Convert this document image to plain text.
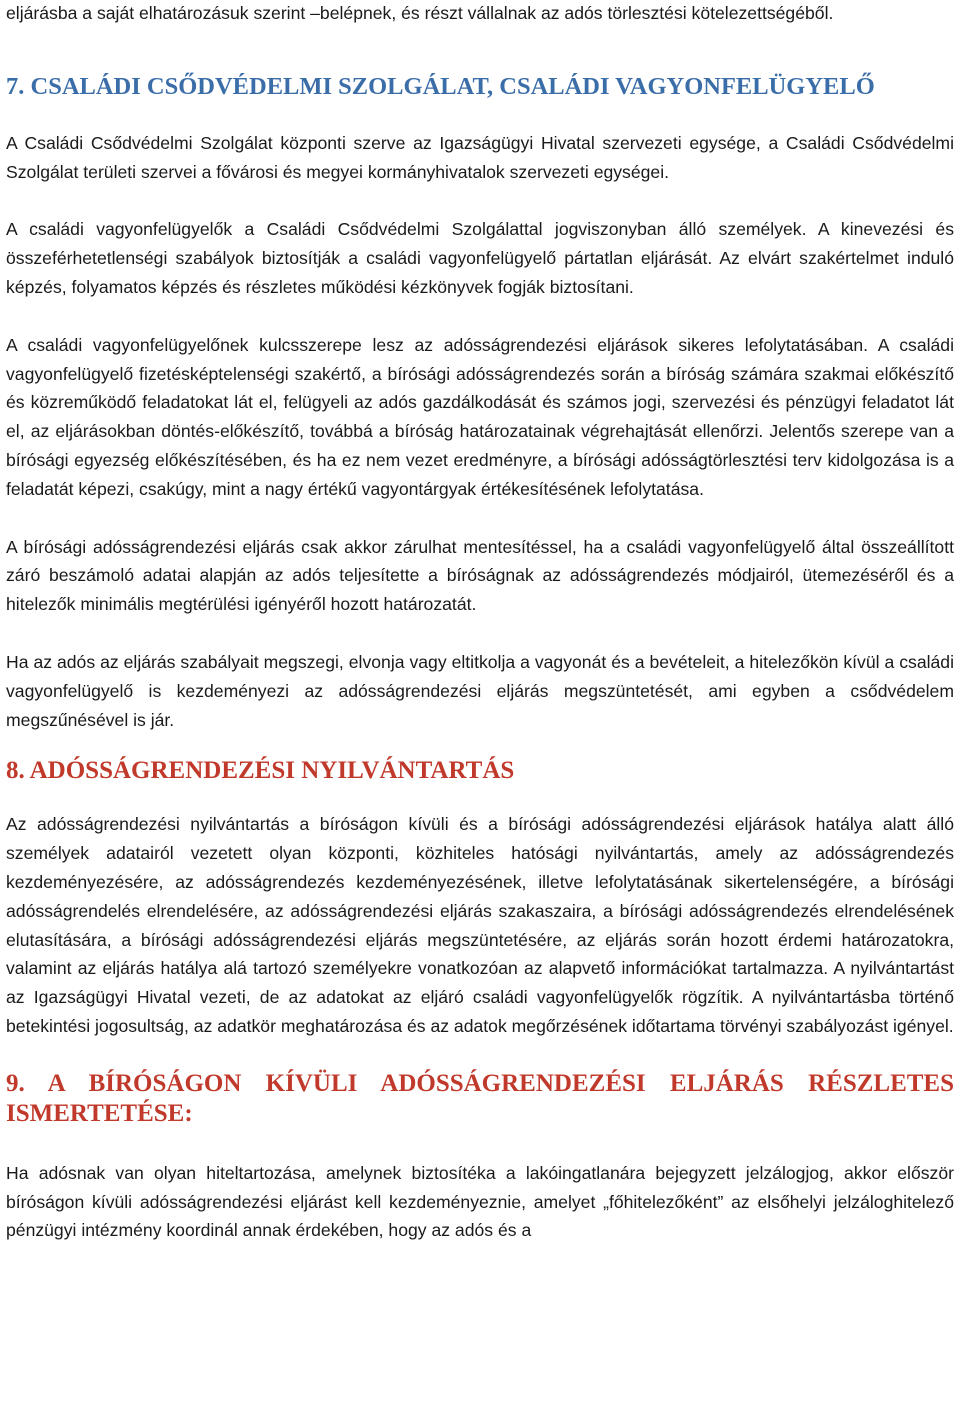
eljárásba a saját elhatározásuk szerint –belépnek, és részt vállalnak az adós törlesztési kötelezettségéből.

7. CSALÁDI CSŐDVÉDELMI SZOLGÁLAT, CSALÁDI VAGYONFELÜGYELŐ

A Családi Csődvédelmi Szolgálat központi szerve az Igazságügyi Hivatal szervezeti egysége, a Családi Csődvédelmi Szolgálat területi szervei a fővárosi és megyei kormányhivatalok szervezeti egységei.

A családi vagyonfelügyelők a Családi Csődvédelmi Szolgálattal jogviszonyban álló személyek. A kinevezési és összeférhetetlenségi szabályok biztosítják a családi vagyonfelügyelő pártatlan eljárását. Az elvárt szakértelmet induló képzés, folyamatos képzés és részletes működési kézkönyvek fogják biztosítani.

A családi vagyonfelügyelőnek kulcsszerepe lesz az adósságrendezési eljárások sikeres lefolytatásában. A családi vagyonfelügyelő fizetésképtelenségi szakértő, a bírósági adósságrendezés során a bíróság számára szakmai előkészítő és közreműködő feladatokat lát el, felügyeli az adós gazdálkodását és számos jogi, szervezési és pénzügyi feladatot lát el, az eljárásokban döntés-előkészítő, továbbá a bíróság határozatainak végrehajtását ellenőrzi. Jelentős szerepe van a bírósági egyezség előkészítésében, és ha ez nem vezet eredményre, a bírósági adósságtörlesztési terv kidolgozása is a feladatát képezi, csakúgy, mint a nagy értékű vagyontárgyak értékesítésének lefolytatása.

A bírósági adósságrendezési eljárás csak akkor zárulhat mentesítéssel, ha a családi vagyonfelügyelő által összeállított záró beszámoló adatai alapján az adós teljesítette a bíróságnak az adósságrendezés módjairól, ütemezéséről és a hitelezők minimális megtérülési igényéről hozott határozatát.

Ha az adós az eljárás szabályait megszegi, elvonja vagy eltitkolja a vagyonát és a bevételeit, a hitelezőkön kívül a családi vagyonfelügyelő is kezdeményezi az adósságrendezési eljárás megszüntetését, ami egyben a csődvédelem megszűnésével is jár.

8. ADÓSSÁGRENDEZÉSI NYILVÁNTARTÁS

Az adósságrendezési nyilvántartás a bíróságon kívüli és a bírósági adósságrendezési eljárások hatálya alatt álló személyek adatairól vezetett olyan központi, közhiteles hatósági nyilvántartás, amely az adósságrendezés kezdeményezésére, az adósságrendezés kezdeményezésének, illetve lefolytatásának sikertelenségére, a bírósági adósságrendelés elrendelésére, az adósságrendezési eljárás szakaszaira, a bírósági adósságrendezés elrendelésének elutasítására, a bírósági adósságrendezési eljárás megszüntetésére, az eljárás során hozott érdemi határozatokra, valamint az eljárás hatálya alá tartozó személyekre vonatkozóan az alapvető információkat tartalmazza. A nyilvántartást az Igazságügyi Hivatal vezeti, de az adatokat az eljáró családi vagyonfelügyelők rögzítik. A nyilvántartásba történő betekintési jogosultság, az adatkör meghatározása és az adatok megőrzésének időtartama törvényi szabályozást igényel.

9. A BÍRÓSÁGON KÍVÜLI ADÓSSÁGRENDEZÉSI ELJÁRÁS RÉSZLETES ISMERTETÉSE:

Ha adósnak van olyan hiteltartozása, amelynek biztosítéka a lakóingatlanára bejegyzett jelzálogjog, akkor először bíróságon kívüli adósságrendezési eljárást kell kezdeményeznie, amelyet „főhitelezőként” az elsőhelyi jelzáloghitelező pénzügyi intézmény koordinál annak érdekében, hogy az adós és a
